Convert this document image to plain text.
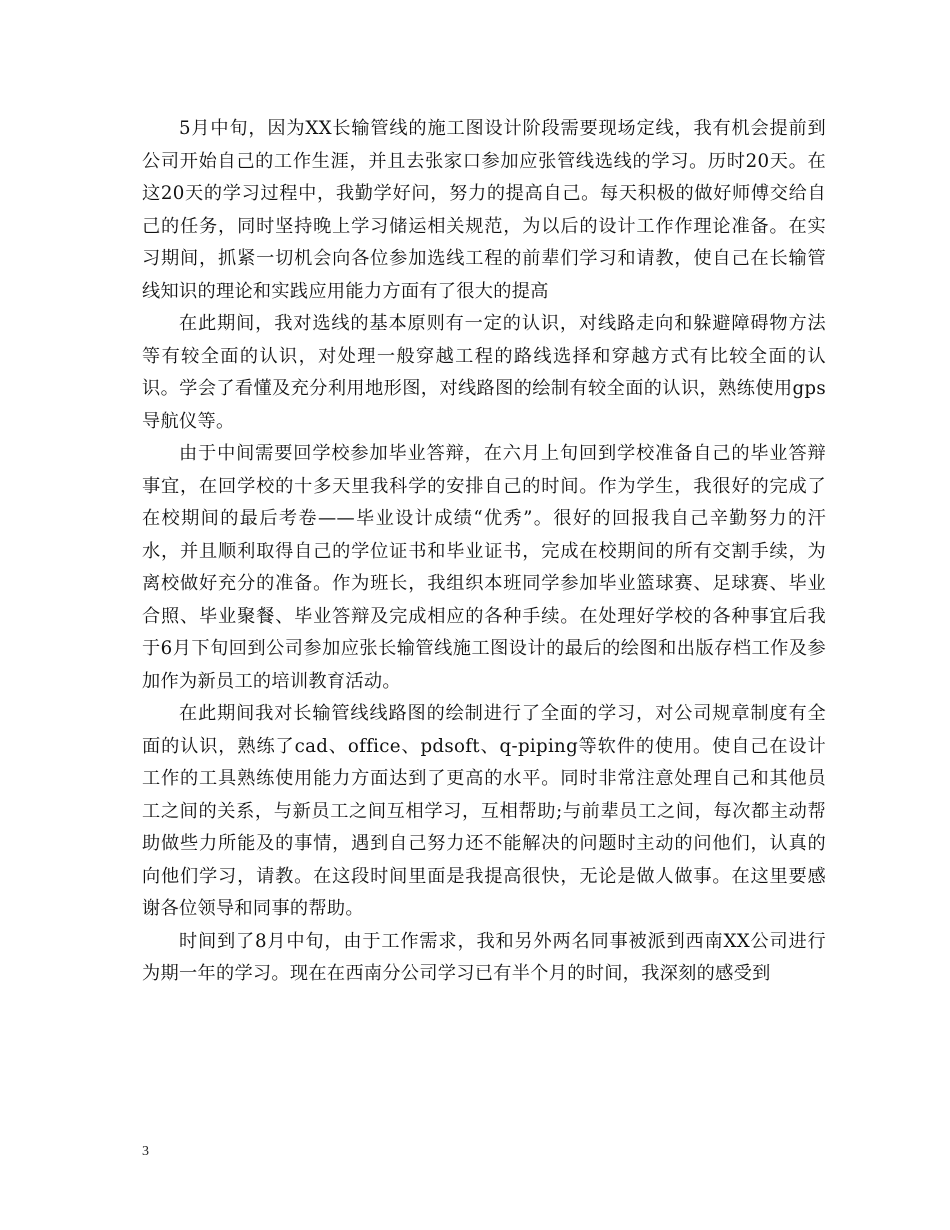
5月中旬，因为XX长输管线的施工图设计阶段需要现场定线，我有机会提前到公司开始自己的工作生涯，并且去张家口参加应张管线选线的学习。历时20天。在这20天的学习过程中，我勤学好问，努力的提高自己。每天积极的做好师傅交给自己的任务，同时坚持晚上学习储运相关规范，为以后的设计工作作理论准备。在实习期间，抓紧一切机会向各位参加选线工程的前辈们学习和请教，使自己在长输管线知识的理论和实践应用能力方面有了很大的提高

在此期间，我对选线的基本原则有一定的认识，对线路走向和躲避障碍物方法等有较全面的认识，对处理一般穿越工程的路线选择和穿越方式有比较全面的认识。学会了看懂及充分利用地形图，对线路图的绘制有较全面的认识，熟练使用gps导航仪等。

由于中间需要回学校参加毕业答辩，在六月上旬回到学校准备自己的毕业答辩事宜，在回学校的十多天里我科学的安排自己的时间。作为学生，我很好的完成了在校期间的最后考卷——毕业设计成绩“优秀”。很好的回报我自己辛勤努力的汗水，并且顺利取得自己的学位证书和毕业证书，完成在校期间的所有交割手续，为离校做好充分的准备。作为班长，我组织本班同学参加毕业篮球赛、足球赛、毕业合照、毕业聚餐、毕业答辩及完成相应的各种手续。在处理好学校的各种事宜后我于6月下旬回到公司参加应张长输管线施工图设计的最后的绘图和出版存档工作及参加作为新员工的培训教育活动。

在此期间我对长输管线线路图的绘制进行了全面的学习，对公司规章制度有全面的认识，熟练了cad、office、pdsoft、q-piping等软件的使用。使自己在设计工作的工具熟练使用能力方面达到了更高的水平。同时非常注意处理自己和其他员工之间的关系，与新员工之间互相学习，互相帮助;与前辈员工之间，每次都主动帮助做些力所能及的事情，遇到自己努力还不能解决的问题时主动的问他们，认真的向他们学习，请教。在这段时间里面是我提高很快，无论是做人做事。在这里要感谢各位领导和同事的帮助。

时间到了8月中旬，由于工作需求，我和另外两名同事被派到西南XX公司进行为期一年的学习。现在在西南分公司学习已有半个月的时间，我深刻的感受到

3
